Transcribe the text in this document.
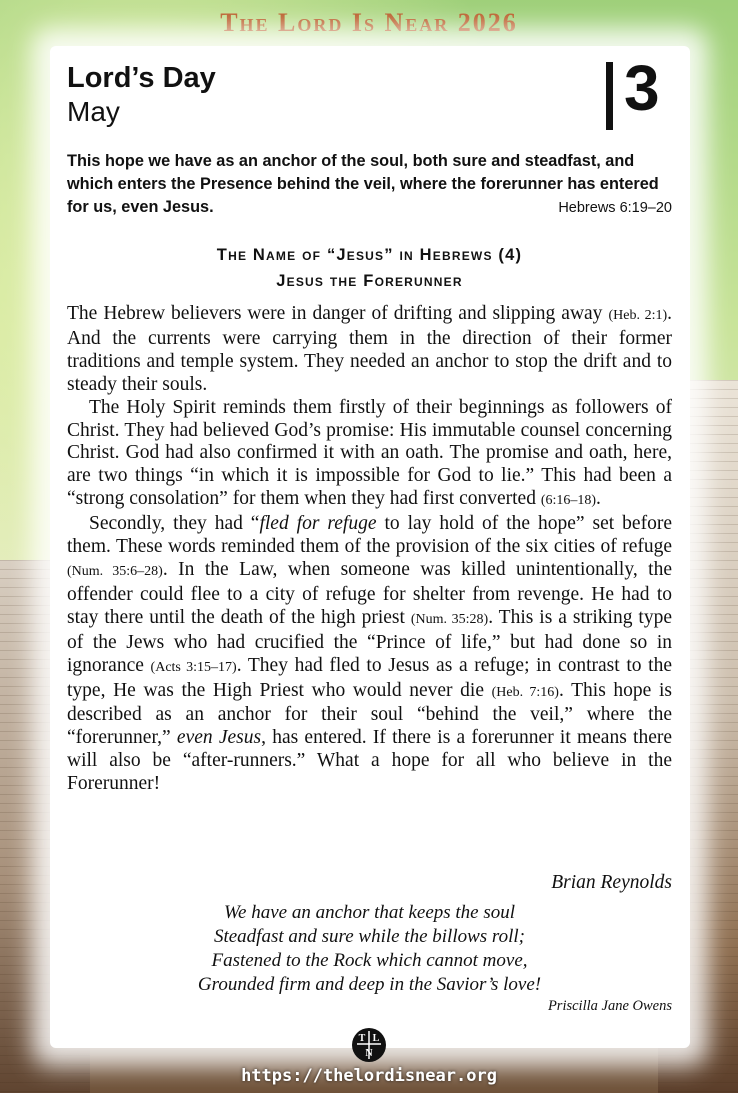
The Lord Is Near 2026
Lord’s Day
May	3

This hope we have as an anchor of the soul, both sure and steadfast, and which enters the Presence behind the veil, where the forerunner has entered for us, even Jesus.	Hebrews 6:19–20

The Name of “Jesus” in Hebrews (4)
Jesus the Forerunner

The Hebrew believers were in danger of drifting and slipping away (Heb. 2:1). And the currents were carrying them in the direction of their former traditions and temple system. They needed an anchor to stop the drift and to steady their souls.

The Holy Spirit reminds them firstly of their beginnings as followers of Christ. They had believed God’s promise: His immutable counsel concerning Christ. God had also confirmed it with an oath. The promise and oath, here, are two things “in which it is impossible for God to lie.” This had been a “strong consolation” for them when they had first converted (6:16–18).

Secondly, they had “fled for refuge to lay hold of the hope” set before them. These words reminded them of the provision of the six cities of refuge (Num. 35:6–28). In the Law, when someone was killed unintentionally, the offender could flee to a city of refuge for shelter from revenge. He had to stay there until the death of the high priest (Num. 35:28). This is a striking type of the Jews who had crucified the “Prince of life,” but had done so in ignorance (Acts 3:15–17). They had fled to Jesus as a refuge; in contrast to the type, He was the High Priest who would never die (Heb. 7:16). This hope is described as an anchor for their soul “behind the veil,” where the “forerunner,” even Jesus, has entered. If there is a forerunner it means there will also be “after-runners.” What a hope for all who believe in the Forerunner!

Brian Reynolds

We have an anchor that keeps the soul
Steadfast and sure while the billows roll;
Fastened to the Rock which cannot move,
Grounded firm and deep in the Savior’s love!

Priscilla Jane Owens

T L
N
https://thelordisnear.org
